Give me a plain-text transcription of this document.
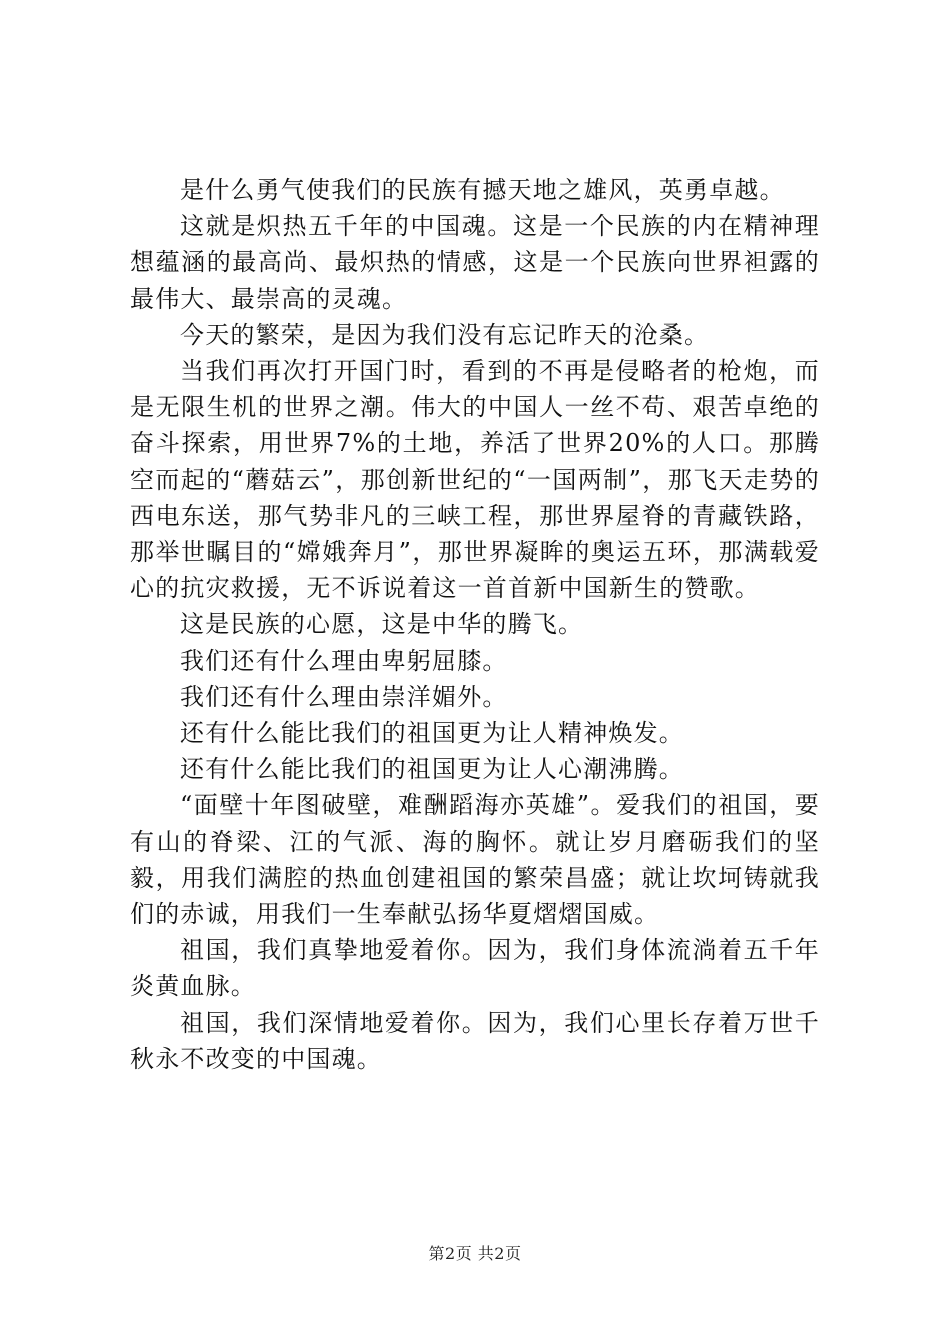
是什么勇气使我们的民族有撼天地之雄风，英勇卓越。

这就是炽热五千年的中国魂。这是一个民族的内在精神理想蕴涵的最高尚、最炽热的情感，这是一个民族向世界袒露的最伟大、最崇高的灵魂。

今天的繁荣，是因为我们没有忘记昨天的沧桑。

当我们再次打开国门时，看到的不再是侵略者的枪炮，而是无限生机的世界之潮。伟大的中国人一丝不苟、艰苦卓绝的奋斗探索，用世界7%的土地，养活了世界20%的人口。那腾空而起的“蘑菇云”，那创新世纪的“一国两制”，那飞天走势的西电东送，那气势非凡的三峡工程，那世界屋脊的青藏铁路，那举世瞩目的“嫦娥奔月”，那世界凝眸的奥运五环，那满载爱心的抗灾救援，无不诉说着这一首首新中国新生的赞歌。

这是民族的心愿，这是中华的腾飞。

我们还有什么理由卑躬屈膝。

我们还有什么理由崇洋媚外。

还有什么能比我们的祖国更为让人精神焕发。

还有什么能比我们的祖国更为让人心潮沸腾。

“面壁十年图破壁，难酬蹈海亦英雄”。爱我们的祖国，要有山的脊梁、江的气派、海的胸怀。就让岁月磨砺我们的坚毅，用我们满腔的热血创建祖国的繁荣昌盛；就让坎坷铸就我们的赤诚，用我们一生奉献弘扬华夏熠熠国威。

祖国，我们真挚地爱着你。因为，我们身体流淌着五千年炎黄血脉。

祖国，我们深情地爱着你。因为，我们心里长存着万世千秋永不改变的中国魂。

第2页 共2页
